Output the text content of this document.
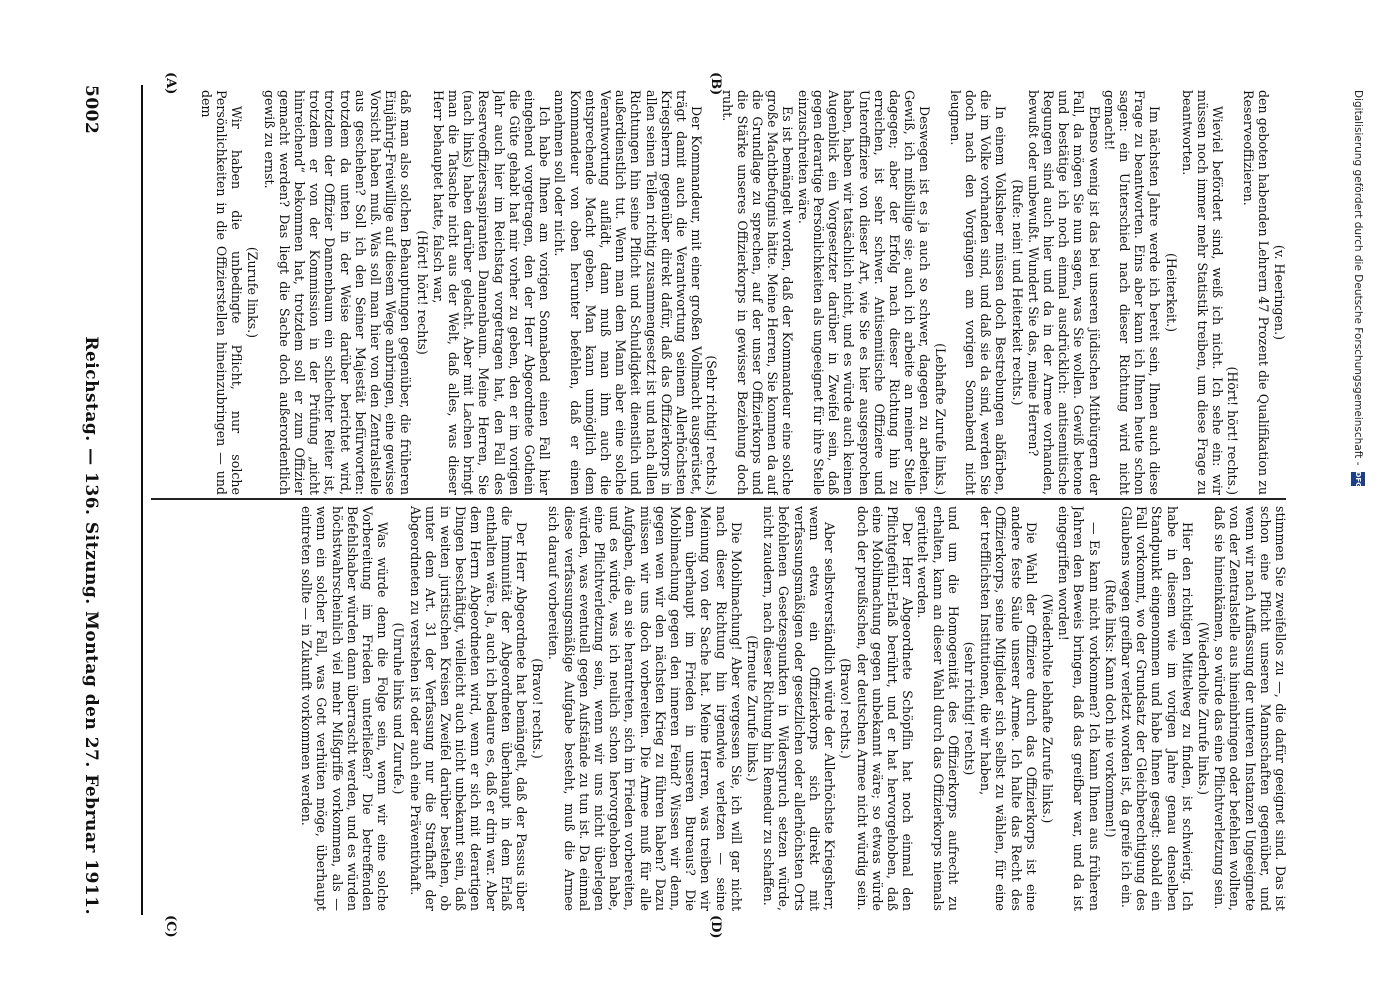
5002
Reichstag. — 136. Sitzung. Montag den 27. Februar 1911.
(A)	(B)
(C)	(D)

(v. Heeringen.)

den geboten habenden Lehrern 47 Prozent die Qualifikation zu Reserveoffizieren.

(Hört! hört! rechts.)

Wieviel befördert sind, weiß ich nicht. Ich sehe ein: wir müssen noch immer mehr Statistik treiben, um diese Frage zu beantworten.

(Heiterkeit.)

Im nächsten Jahre werde ich bereit sein, Ihnen auch diese Frage zu beantworten. Eins aber kann ich Ihnen heute schon sagen: ein Unterschied nach dieser Richtung wird nicht gemacht!

Ebenso wenig ist das bei unseren jüdischen Mitbürgern der Fall, da mögen Sie nun sagen, was Sie wollen. Gewiß betone und bestätige ich noch einmal ausdrücklich: antisemitische Regungen sind auch hier und da in der Armee vorhanden, bewußt oder unbewußt. Wundert Sie das, meine Herren?

(Rufe: nein! und Heiterkeit rechts.)

In einem Volksheer müssen doch Bestrebungen abfärben, die im Volke vorhanden sind, und daß sie da sind, werden Sie doch nach den Vorgängen am vorigen Sonnabend nicht leugnen.

(Lebhafte Zurufe links.)

Deswegen ist es ja auch so schwer, dagegen zu arbeiten. Gewiß, ich mißbillige sie; auch ich arbeite an meiner Stelle dagegen; aber der Erfolg nach dieser Richtung hin zu erreichen, ist sehr schwer. Antisemitische Offiziere und Unteroffiziere von dieser Art, wie Sie es hier ausgesprochen haben, haben wir tatsächlich nicht, und es würde auch keinen Augenblick ein Vorgesetzter darüber in Zweifel sein, daß gegen derartige Persönlichkeiten als ungeeignet für ihre Stelle einzuschreiten wäre.

Es ist bemängelt worden, daß der Kommandeur eine solche große Machtbefugnis hätte. Meine Herren, Sie kommen da auf die Grundlage zu sprechen, auf der unser Offizierkorps und die Stärke unseres Offizierkorps in gewisser Beziehung doch ruht.

(Sehr richtig! rechts.)

Der Kommandeur, mit einer großen Vollmacht ausgerüstet, trägt damit auch die Verantwortung seinem Allerhöchsten Kriegsherrn gegenüber direkt dafür, daß das Offizierkorps in allen seinen Teilen richtig zusammengesetzt ist und nach allen Richtungen hin seine Pflicht und Schuldigkeit dienstlich und außerdienstlich tut. Wenn man dem Mann aber eine solche Verantwortung auflädt, dann muß man ihm auch die entsprechende Macht geben. Man kann unmöglich dem Kommandeur von oben herunter befehlen, daß er einen annehmen soll oder nicht.

Ich habe Ihnen am vorigen Sonnabend einen Fall hier eingehend vorgetragen, den der Herr Abgeordnete Gothein die Güte gehabt hat mir vorher zu geben, den er im vorigen Jahr auch hier im Reichstag vorgetragen hat, den Fall des Reserveoffiziersaspiranten Dannenbaum. Meine Herren, Sie (nach links) haben darüber gelacht. Aber mit Lachen bringt man die Tatsache nicht aus der Welt, daß alles, was dieser Herr behauptet hatte, falsch war,

(Hört! hört! rechts)

daß man also solchen Behauptungen gegenüber, die früheren Einjährig-Freiwillige auf diesem Wege anbringen, eine gewisse Vorsicht haben muß. Was soll man hier von den Zentralstelle aus geschehen? Soll ich den Seiner Majestät befürworten: trotzdem da unten in der Weise darüber berichtet wird, trotzdem der Offizier Dannenbaum ein schlechter Reiter ist, trotzdem er von der Kommission in der Prüfung „nicht hinreichend“ bekommen hat, trotzdem soll er zum Offizier gemacht werden? Das liegt die Sache doch außerordentlich gewiß zu ernst.

(Zurufe links.)

Wir haben die unbedingte Pflicht, nur solche Persönlichkeiten in die Offizierstellen hineinzubringen — und dem

stimmen Sie zweifellos zu —, die dafür geeignet sind. Das ist schon eine Pflicht unseren Mannschaften gegenüber, und wenn wir nach Auffassung der unteren Instanzen Ungeeignete von der Zentralstelle aus hineinbringen oder befehlen wollten, daß sie hineinkämen, so würde das eine Pflichtverletzung sein.

(Wiederholte Zurufe links.)

Hier den richtigen Mittelweg zu finden, ist schwierig. Ich habe in diesem wie im vorigen Jahre genau denselben Standpunkt eingenommen und habe Ihnen gesagt: sobald ein Fall vorkommt, wo der Grundsatz der Gleichberechtigung des Glaubens wegen greifbar verletzt worden ist, da greife ich ein.

(Rufe links: Kann doch nie vorkommen!)

— Es kann nicht vorkommen? Ich kann Ihnen aus früheren Jahren den Beweis bringen, daß das greifbar war, und da ist eingegriffen worden!

(Wiederholte lebhafte Zurufe links.)

Die Wahl der Offiziere durch das Offizierkorps ist eine andere feste Säule unserer Armee. Ich halte das Recht des Offizierkorps, seine Mitglieder sich selbst zu wählen, für eine der trefflichsten Institutionen, die wir haben,

(sehr richtig! rechts)

und um die Homogenität des Offizierkorps aufrecht zu erhalten, kann an dieser Wahl durch das Offizierkorps niemals gerüttelt werden.

Der Herr Abgeordnete Schöpflin hat noch einmal den Pflichtgefühl-Erlaß berührt, und er hat hervorgehoben, daß eine Mobilmachung gegen unbekannt wäre; so etwas würde doch der preußischen, der deutschen Armee nicht würdig sein.

(Bravo! rechts.)

Aber selbstverständlich würde der Allerhöchste Kriegsherr, wenn etwa ein Offizierkorps sich direkt mit verfassungsmäßigen oder gesetzlichen oder allerhöchsten Orts befohlenen Gesetzespunkten in Widerspruch setzen würde, nicht zaudern, nach dieser Richtung hin Remedur zu schaffen.

(Erneute Zurufe links.)

Die Mobilmachung! Aber vergessen Sie, ich will gar nicht nach dieser Richtung hin irgendwie verletzen — seine Meinung von der Sache hat. Meine Herren, was treiben wir denn überhaupt im Frieden in unseren Bureaus? Die Mobilmachung gegen den inneren Feind? Wissen wir denn, gegen wen wir den nächsten Krieg zu führen haben? Dazu müssen wir uns doch vorbereiten. Die Armee muß für alle Aufgaben, die an sie herantreten, sich im Frieden vorbereiten, und es würde, was ich neulich schon hervorgehoben habe, eine Pflichtverletzung sein, wenn wir uns nicht überlegen würden, was eventuell gegen Aufstände zu tun ist. Da einmal diese verfassungsmäßige Aufgabe besteht, muß die Armee sich darauf vorbereiten.

(Bravo! rechts.)

Der Herr Abgeordnete hat bemängelt, daß der Passus über die Immunität der Abgeordneten überhaupt in dem Erlaß enthalten wäre. Ja, auch ich bedaure es, daß er drin war. Aber dem Herrn Abgeordneten wird, wenn er sich mit derartigen Dingen beschäftigt, vielleicht auch nicht unbekannt sein, daß in weiten juristischen Kreisen Zweifel darüber bestehen, ob unter dem Art. 31 der Verfassung nur die Strafhaft der Abgeordneten zu verstehen ist oder auch eine Präventivhaft.

(Unruhe links und Zurufe.)

Was würde denn die Folge sein, wenn wir eine solche Vorbereitung im Frieden unterließen? Die betreffenden Befehlshaber würden dann überrascht werden, und es würden höchstwahrscheinlich viel mehr Mißgriffe vorkommen, als — wenn ein solcher Fall, was Gott verhüten möge, überhaupt eintreten sollte — in Zukunft vorkommen werden.

Digitalisierung gefördert durch die Deutsche Forschungsgemeinschaft -
DFG
